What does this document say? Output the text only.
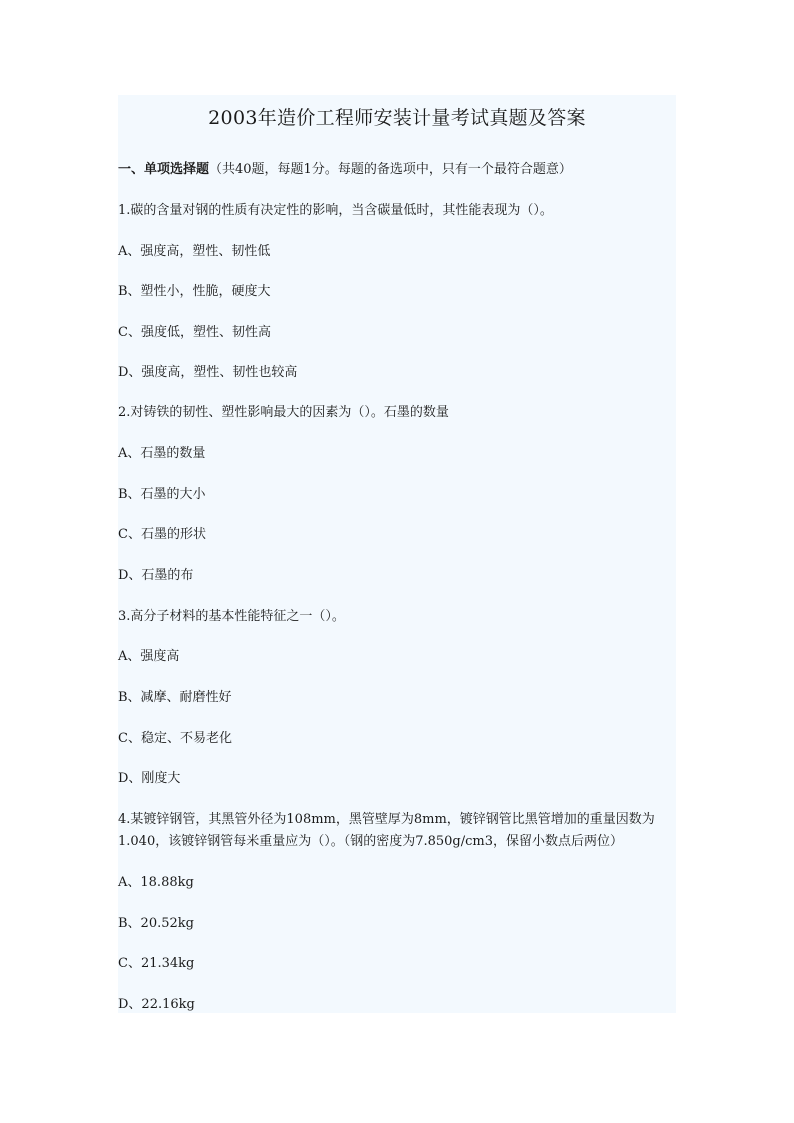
2003年造价工程师安装计量考试真题及答案
一、单项选择题（共40题，每题1分。每题的备选项中，只有一个最符合题意）
1.碳的含量对钢的性质有决定性的影响，当含碳量低时，其性能表现为（）。
A、强度高，塑性、韧性低
B、塑性小，性脆，硬度大
C、强度低，塑性、韧性高
D、强度高，塑性、韧性也较高
2.对铸铁的韧性、塑性影响最大的因素为（）。石墨的数量
A、石墨的数量
B、石墨的大小
C、石墨的形状
D、石墨的布
3.高分子材料的基本性能特征之一（）。
A、强度高
B、减摩、耐磨性好
C、稳定、不易老化
D、刚度大
4.某镀锌钢管，其黑管外径为108mm，黑管壁厚为8mm，镀锌钢管比黑管增加的重量因数为
1.040，该镀锌钢管每米重量应为（）。（钢的密度为7.850g/cm3，保留小数点后两位）
A、18.88kg
B、20.52kg
C、21.34kg
D、22.16kg
